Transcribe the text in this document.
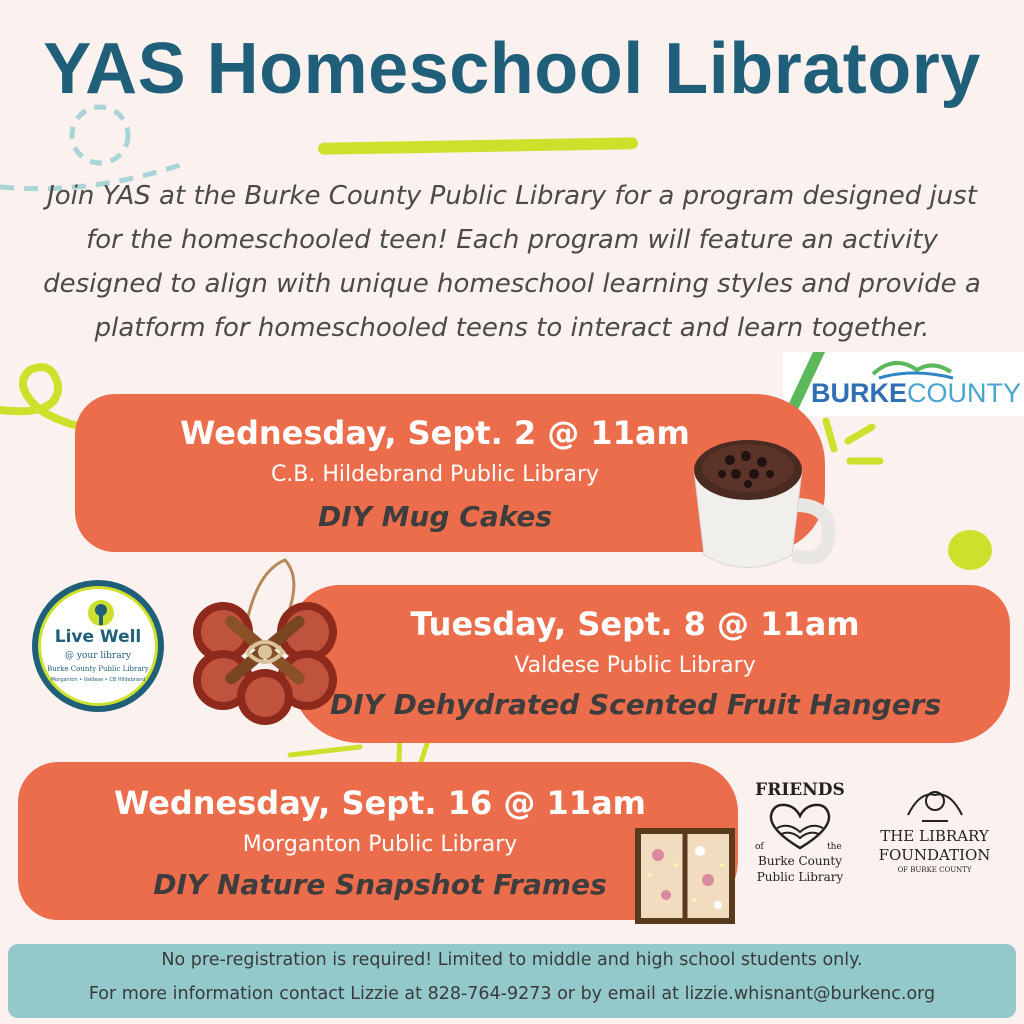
YAS Homeschool Libratory
Join YAS at the Burke County Public Library for a program designed just for the homeschooled teen! Each program will feature an activity designed to align with unique homeschool learning styles and provide a platform for homeschooled teens to interact and learn together.
BURKECOUNTY
Wednesday, Sept. 2 @ 11am
C.B. Hildebrand Public Library
DIY Mug Cakes
Tuesday, Sept. 8 @ 11am
Valdese Public Library
DIY Dehydrated Scented Fruit Hangers
Live Well
@ your library
Burke County Public Library
Morganton • Valdese • CB Hildebrand
Wednesday, Sept. 16 @ 11am
Morganton Public Library
DIY Nature Snapshot Frames
FRIENDS
of	the
Burke County
Public Library
THE LIBRARY
FOUNDATION
OF BURKE COUNTY
No pre-registration is required! Limited to middle and high school students only.
For more information contact Lizzie at 828-764-9273 or by email at lizzie.whisnant@burkenc.org
